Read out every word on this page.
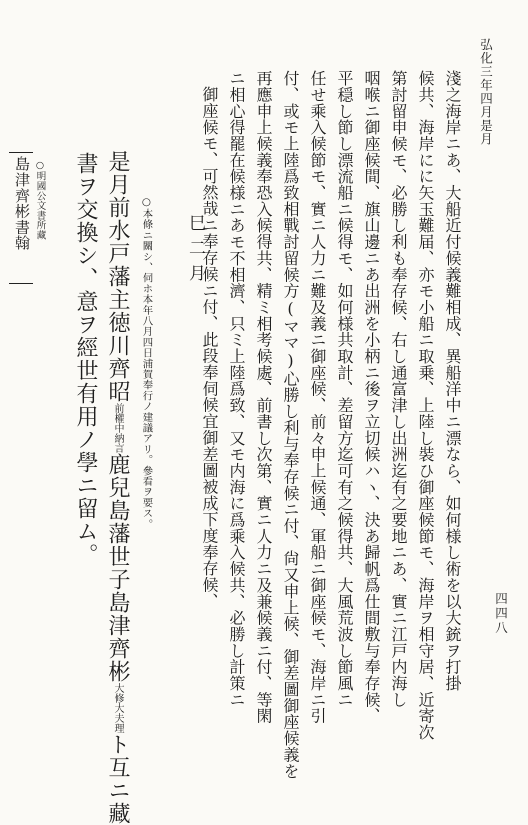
弘化三年四月是月
四四八
淺之海岸ニあ、大船近付候義難相成、異船洋中ニ漂なら、如何様し術を以大銃ヲ打掛
候共、海岸にに矢玉難届、亦モ小船ニ取乗、上陸し裝ひ御座候節モ、海岸ヲ相守居、近寄次
第討留申候モ、必勝し利も奉存候、右し通富津し出洲迄有之要地ニあ、實ニ江戸内海し
咽喉ニ御座候間、旗山邊ニあ出洲を小柄ニ後ヲ立切候ハヽ、決あ歸帆爲仕間敷与奉存候、
平穏し節し漂流船ニ候得モ、如何様共取計、差留方迄可有之候得共、大風荒波し節風ニ
任せ乘入候節モ、實ニ人力ニ難及義ニ御座候、前々申上候通、軍船ニ御座候モ、海岸ニ引
付、或モ上陸爲致相戰討留候方(ママ)心勝し利与奉存候ニ付、尙又申上候、御差圖御座候義を
再應申上候義奉恐入候得共、精ミ相考候處、前書し次第、實ニ人力ニ及兼候義ニ付、等閑
ニ相心得罷在候様ニあモ不相濟、只ミ上陸爲致、又モ内海に爲乘入候共、必勝し計策ニ
御座候モ、可然哉ニ奉存候ニ付、此段奉伺候宜御差圖被成下度奉存候、
巳二月
○本條ニ關シ、伺ホ本年八月四日浦賀奉行ノ建議アリ。參看ヲ要ス。
是月前水戸藩主徳川齊昭前權中納言鹿兒島藩世子島津齊彬大修大夫理ト互ニ藏
書ヲ交換シ、意ヲ經世有用ノ學ニ留ム。
島津齊彬書翰 ○明國公文書所藏
